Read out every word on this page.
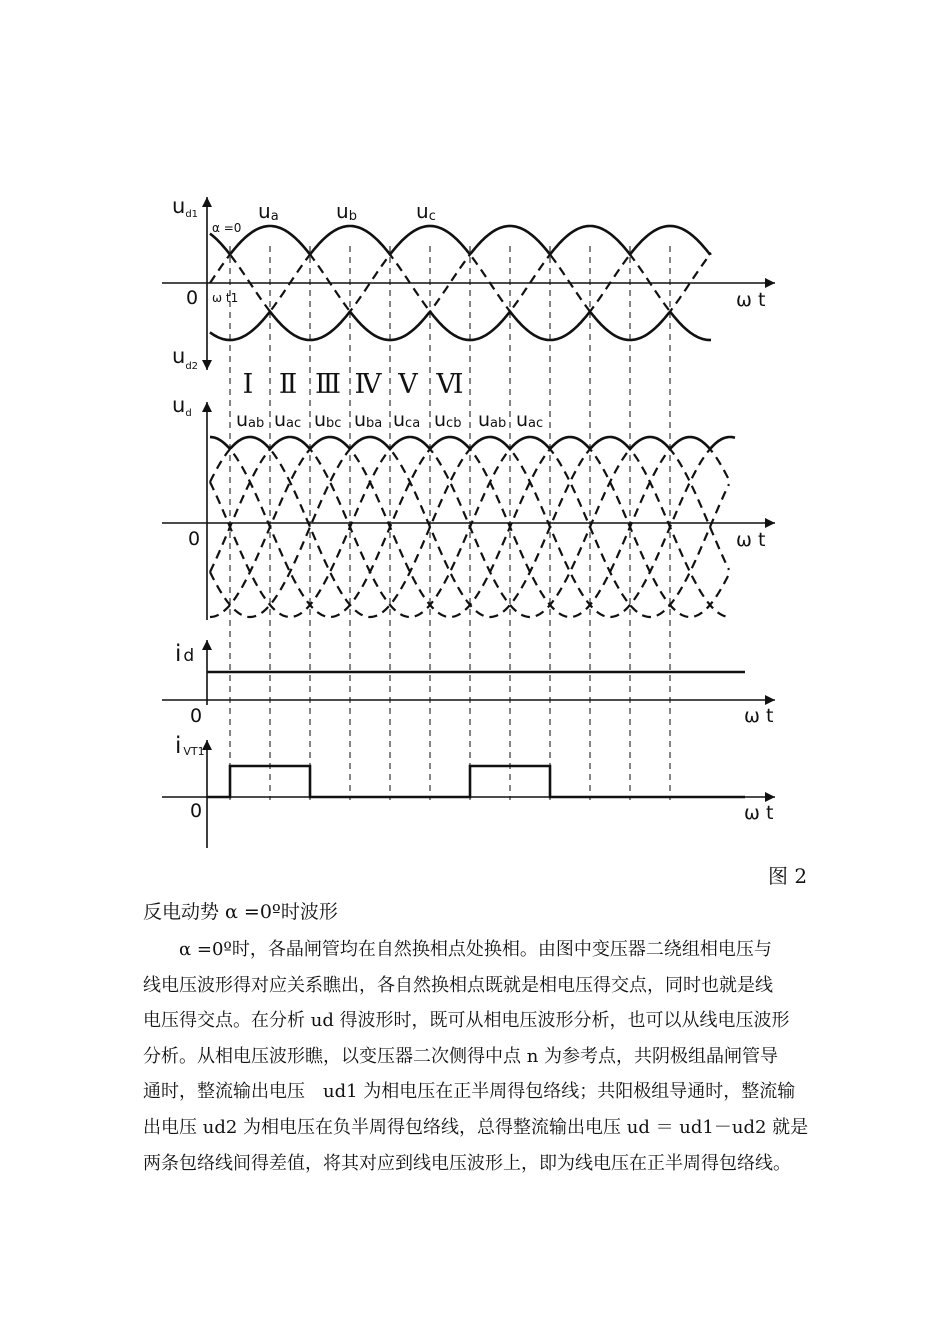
ud1
$u_{d2}$
0	ω t
α =0
ω t1
ua	ub	uc
Ⅰ Ⅱ Ⅲ Ⅳ Ⅴ Ⅵ
ud
0	ω t
uab uac ubc uba uca ucb uab uac
i d
0	ω t
iVT1
0	ω t
图 2
反电动势 α =0º时波形

α =0º时，各晶闸管均在自然换相点处换相。由图中变压器二绕组相电压与
线电压波形得对应关系瞧出，各自然换相点既就是相电压得交点，同时也就是线
电压得交点。在分析 ud 得波形时，既可从相电压波形分析，也可以从线电压波形
分析。从相电压波形瞧，以变压器二次侧得中点 n 为参考点，共阴极组晶闸管导
通时，整流输出电压　ud1 为相电压在正半周得包络线；共阳极组导通时，整流输
出电压 ud2 为相电压在负半周得包络线，总得整流输出电压 ud ＝ ud1－ud2 就是
两条包络线间得差值，将其对应到线电压波形上，即为线电压在正半周得包络线。
